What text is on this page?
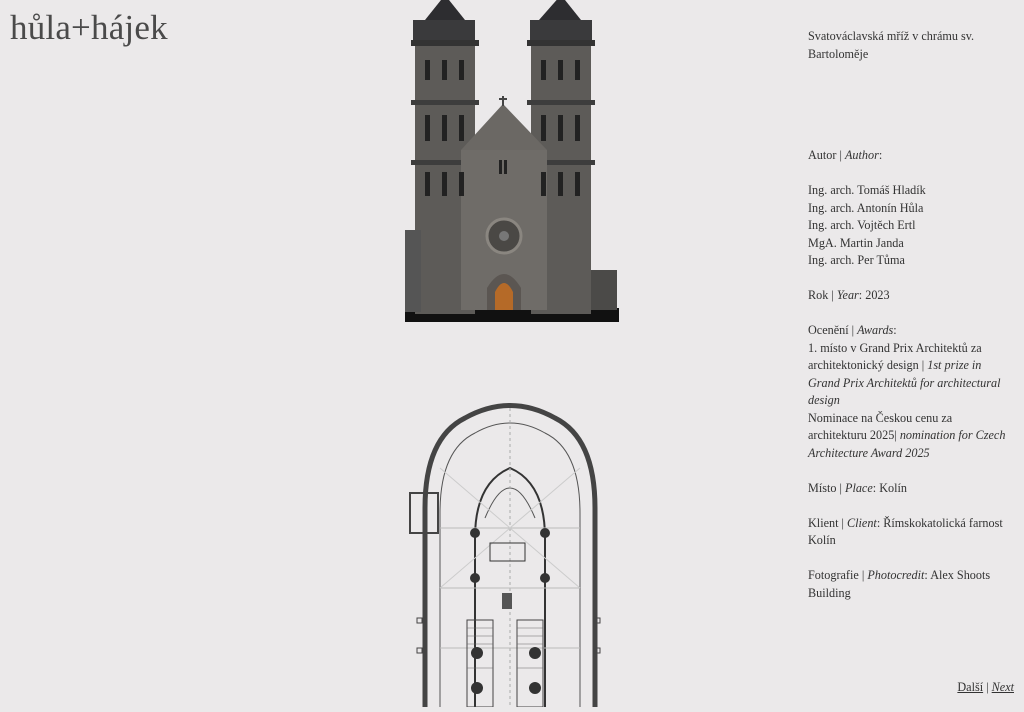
hůla+hájek	Svatováclavská mříž v chrámu sv. Bartoloměje

Autor | Author:

Ing. arch. Tomáš Hladík

Ing. arch. Antonín Hůla

Ing. arch. Vojtěch Ertl

MgA. Martin Janda

Ing. arch. Per Tůma

Rok | Year: 2023

Ocenění | Awards:

1. místo v Grand Prix Architektů za architektonický design | 1st prize in Grand Prix Architektů for architectural design

Nominace na Českou cenu za architekturu 2025| nomination for Czech Architecture Award 2025

Místo | Place: Kolín

Klient | Client: Římskokatolická farnost Kolín

Fotografie | Photocredit: Alex Shoots Building

Další | Next
